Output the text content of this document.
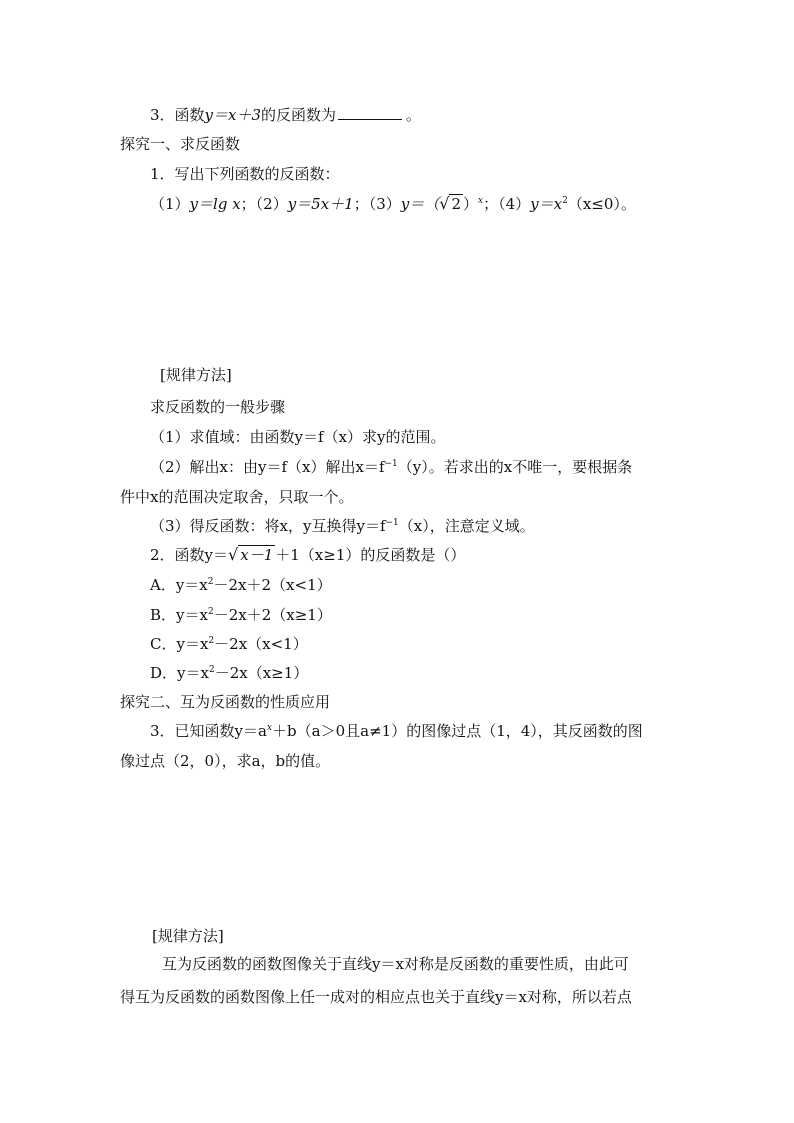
3．函数y＝x＋3的反函数为	。
探究一、求反函数
1．写出下列函数的反函数：
（1）y＝lg x；（2）y＝5x＋1；（3）y＝（√ 2 ）$^x$；$(4)y=x^2(x\le 0)$。
[规律方法]
求反函数的一般步骤
（1）求值域：由函数y＝f（x）求y的范围。
（2）解出x：由y＝f（x）解出$x=f^{-1}(y)$。若求出的x不唯一，要根据条
件中x的范围决定取舍，只取一个。
（3）得反函数：将x，y互换得$y=f^{-1}(x)$，注意定义域。
2．函数y＝√ x－1 ＋1（x≥1）的反函数是（）
A．$y=x^2-2x+2(x<1)$
B．$y=x^2-2x+2(x\ge 1)$
C．$y=x^2-2x(x<1)$
D．$y=x^2-2x(x\ge 1)$
探究二、互为反函数的性质应用
3．已知函数$y=a^x+b(a>0$且a≠1）的图像过点（1，4），其反函数的图
像过点（2，0），求a，b的值。
[规律方法]
互为反函数的函数图像关于直线y＝x对称是反函数的重要性质，由此可
得互为反函数的函数图像上任一成对的相应点也关于直线y＝x对称，所以若点
